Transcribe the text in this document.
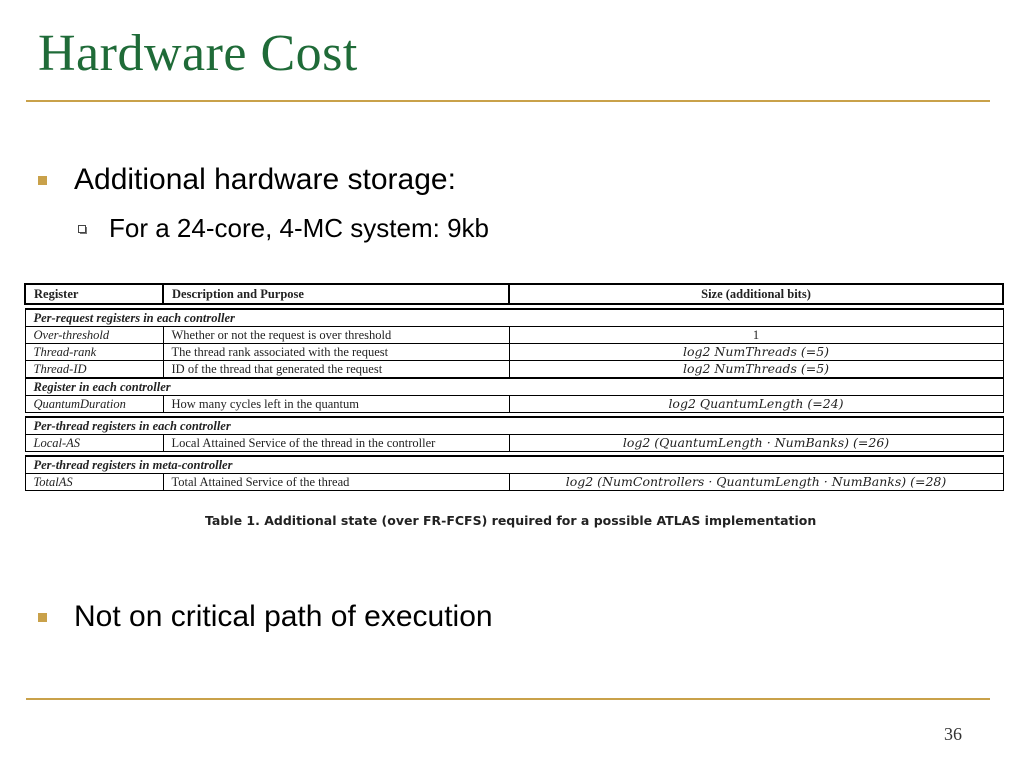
Hardware Cost
Additional hardware storage:
For a 24-core, 4-MC system: 9kb
Register	Description and Purpose	Size (additional bits)

Per-request registers in each controller		
Over-threshold	Whether or not the request is over threshold	1
Thread-rank	The thread rank associated with the request	log2 NumThreads (=5)
Thread-ID	ID of the thread that generated the request	log2 NumThreads (=5)
Register in each controller		
QuantumDuration	How many cycles left in the quantum	log2 QuantumLength (=24)

Per-thread registers in each controller		
Local-AS	Local Attained Service of the thread in the controller	log2 (QuantumLength · NumBanks) (=26)

Per-thread registers in meta-controller		
TotalAS	Total Attained Service of the thread	log2 (NumControllers · QuantumLength · NumBanks) (=28)
Table 1. Additional state (over FR-FCFS) required for a possible ATLAS implementation
Not on critical path of execution
36
